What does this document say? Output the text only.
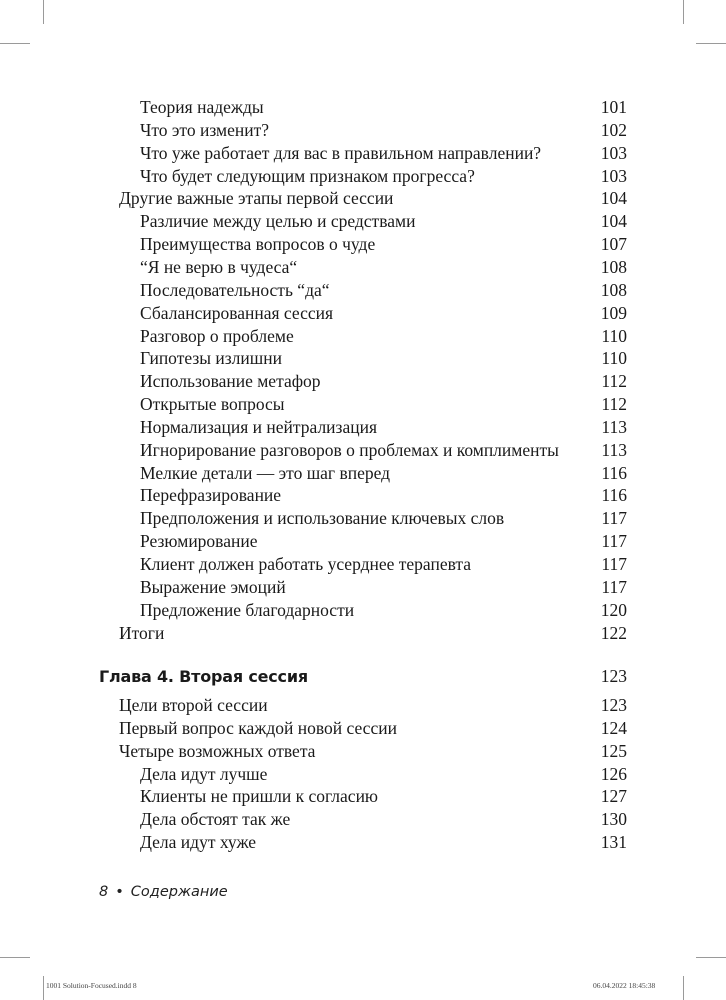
Теория надежды	101
Что это изменит?	102
Что уже работает для вас в правильном направлении?	103
Что будет следующим признаком прогресса?	103
Другие важные этапы первой сессии	104
Различие между целью и средствами	104
Преимущества вопросов о чуде	107
“Я не верю в чудеса“	108
Последовательность “да“	108
Сбалансированная сессия	109
Разговор о проблеме	110
Гипотезы излишни	110
Использование метафор	112
Открытые вопросы	112
Нормализация и нейтрализация	113
Игнорирование разговоров о проблемах и комплименты 113
Мелкие детали — это шаг вперед	116
Перефразирование	116
Предположения и использование ключевых слов	117
Резюмирование	117
Клиент должен работать усерднее терапевта	117
Выражение эмоций	117
Предложение благодарности	120
Итоги	122
Глава 4. Вторая сессия	123
Цели второй сессии	123
Первый вопрос каждой новой сессии	124
Четыре возможных ответа	125
Дела идут лучше	126
Клиенты не пришли к согласию	127
Дела обстоят так же	130
Дела идут хуже	131
8 • Содержание
1001 Solution-Focused.indd 8	06.04.2022 18:45:38
